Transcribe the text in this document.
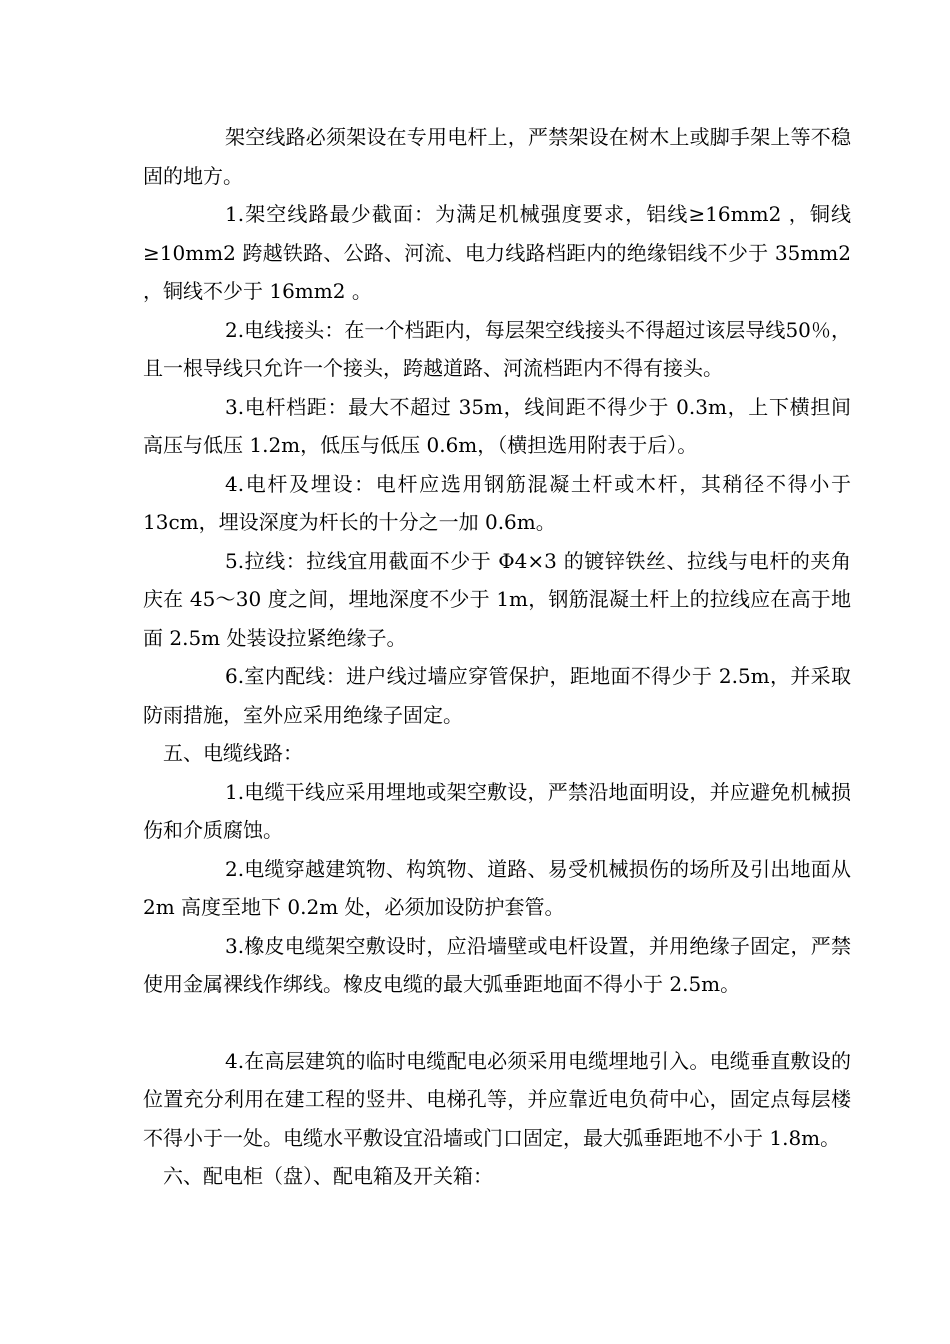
架空线路必须架设在专用电杆上，严禁架设在树木上或脚手架上等不稳固的地方。

1.架空线路最少截面：为满足机械强度要求，铝线≥16mm2 ，铜线≥10mm2 跨越铁路、公路、河流、电力线路档距内的绝缘铝线不少于 35mm2 ，铜线不少于 16mm2 。

2.电线接头：在一个档距内，每层架空线接头不得超过该层导线50％，且一根导线只允许一个接头，跨越道路、河流档距内不得有接头。

3.电杆档距：最大不超过 35m，线间距不得少于 0.3m，上下横担间高压与低压 1.2m，低压与低压 0.6m，（横担选用附表于后）。

4.电杆及埋设：电杆应选用钢筋混凝土杆或木杆，其稍径不得小于 13cm，埋设深度为杆长的十分之一加 0.6m。

5.拉线：拉线宜用截面不少于 Φ4×3 的镀锌铁丝、拉线与电杆的夹角庆在 45～30 度之间，埋地深度不少于 1m，钢筋混凝土杆上的拉线应在高于地面 2.5m 处装设拉紧绝缘子。

6.室内配线：进户线过墙应穿管保护，距地面不得少于 2.5m，并采取防雨措施，室外应采用绝缘子固定。

五、电缆线路：

1.电缆干线应采用埋地或架空敷设，严禁沿地面明设，并应避免机械损伤和介质腐蚀。

2.电缆穿越建筑物、构筑物、道路、易受机械损伤的场所及引出地面从 2m 高度至地下 0.2m 处，必须加设防护套管。

3.橡皮电缆架空敷设时，应沿墙壁或电杆设置，并用绝缘子固定，严禁使用金属裸线作绑线。橡皮电缆的最大弧垂距地面不得小于 2.5m。

4.在高层建筑的临时电缆配电必须采用电缆埋地引入。电缆垂直敷设的位置充分利用在建工程的竖井、电梯孔等，并应靠近电负荷中心，固定点每层楼不得小于一处。电缆水平敷设宜沿墙或门口固定，最大弧垂距地不小于 1.8m。

六、配电柜（盘）、配电箱及开关箱：
